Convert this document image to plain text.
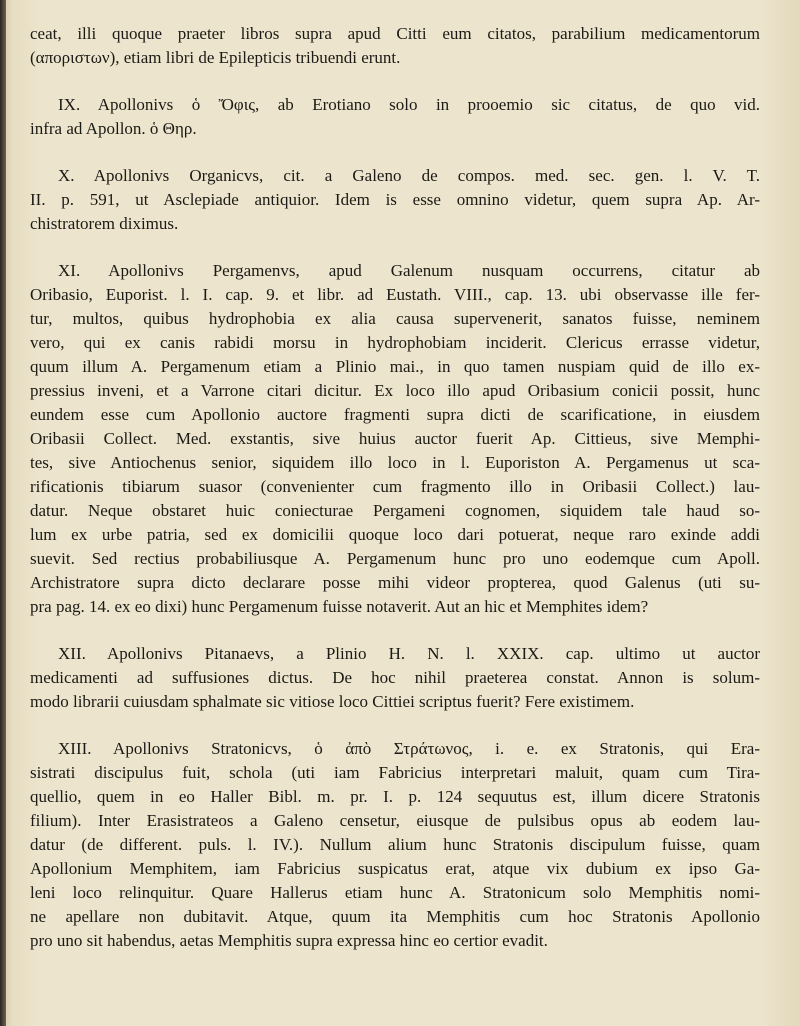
ceat, illi quoque praeter libros supra apud Citti eum citatos, parabilium medicamentorum
(αποριστων), etiam libri de Epilepticis tribuendi erunt.
IX. Apollonivs ὁ Ὄφις, ab Erotiano solo in prooemio sic citatus, de quo vid.
infra ad Apollon. ὁ Θηρ.
X. Apollonivs Organicvs, cit. a Galeno de compos. med. sec. gen. l. V. T.
II. p. 591, ut Asclepiade antiquior. Idem is esse omnino videtur, quem supra Ap. Ar-
chistratorem diximus.
XI. Apollonivs Pergamenvs, apud Galenum nusquam occurrens, citatur ab
Oribasio, Euporist. l. I. cap. 9. et libr. ad Eustath. VIII., cap. 13. ubi observasse ille fer-
tur, multos, quibus hydrophobia ex alia causa supervenerit, sanatos fuisse, neminem
vero, qui ex canis rabidi morsu in hydrophobiam inciderit. Clericus errasse videtur,
quum illum A. Pergamenum etiam a Plinio mai., in quo tamen nuspiam quid de illo ex-
pressius inveni, et a Varrone citari dicitur. Ex loco illo apud Oribasium conicii possit, hunc
eundem esse cum Apollonio auctore fragmenti supra dicti de scarificatione, in eiusdem
Oribasii Collect. Med. exstantis, sive huius auctor fuerit Ap. Cittieus, sive Memphi-
tes, sive Antiochenus senior, siquidem illo loco in l. Euporiston A. Pergamenus ut sca-
rificationis tibiarum suasor (convenienter cum fragmento illo in Oribasii Collect.) lau-
datur. Neque obstaret huic coniecturae Pergameni cognomen, siquidem tale haud so-
lum ex urbe patria, sed ex domicilii quoque loco dari potuerat, neque raro exinde addi
suevit. Sed rectius probabiliusque A. Pergamenum hunc pro uno eodemque cum Apoll.
Archistratore supra dicto declarare posse mihi videor propterea, quod Galenus (uti su-
pra pag. 14. ex eo dixi) hunc Pergamenum fuisse notaverit. Aut an hic et Memphites idem?
XII. Apollonivs Pitanaevs, a Plinio H. N. l. XXIX. cap. ultimo ut auctor
medicamenti ad suffusiones dictus. De hoc nihil praeterea constat. Annon is solum-
modo librarii cuiusdam sphalmate sic vitiose loco Cittiei scriptus fuerit? Fere existimem.
XIII. Apollonivs Stratonicvs, ὁ ἀπὸ Στράτωνος, i. e. ex Stratonis, qui Era-
sistrati discipulus fuit, schola (uti iam Fabricius interpretari maluit, quam cum Tira-
quellio, quem in eo Haller Bibl. m. pr. I. p. 124 sequutus est, illum dicere Stratonis
filium). Inter Erasistrateos a Galeno censetur, eiusque de pulsibus opus ab eodem lau-
datur (de different. puls. l. IV.). Nullum alium hunc Stratonis discipulum fuisse, quam
Apollonium Memphitem, iam Fabricius suspicatus erat, atque vix dubium ex ipso Ga-
leni loco relinquitur. Quare Hallerus etiam hunc A. Stratonicum solo Memphitis nomi-
ne apellare non dubitavit. Atque, quum ita Memphitis cum hoc Stratonis Apollonio
pro uno sit habendus, aetas Memphitis supra expressa hinc eo certior evadit.
